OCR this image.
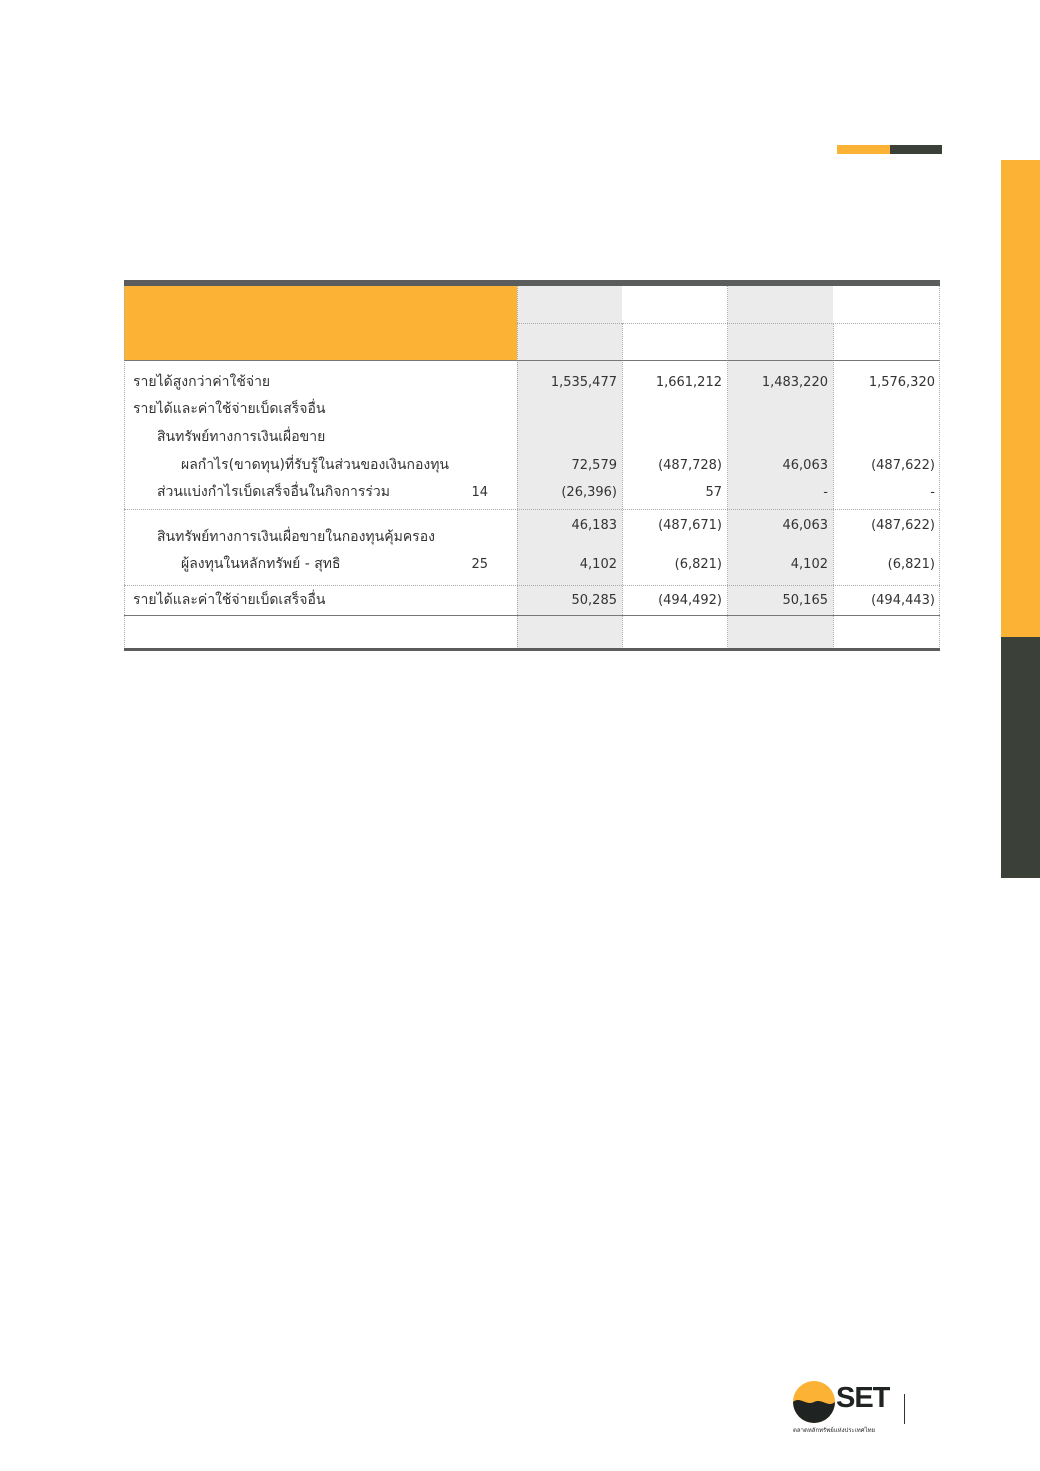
รายได้สูงกว่าค่าใช้จ่าย	1,535,477	1,661,212	1,483,220	1,576,320
รายได้และค่าใช้จ่ายเบ็ดเสร็จอื่น
สินทรัพย์ทางการเงินเผื่อขาย
ผลกำไร(ขาดทุน)ที่รับรู้ในส่วนของเงินกองทุน	72,579	(487,728)	46,063	(487,622)
ส่วนแบ่งกำไรเบ็ดเสร็จอื่นในกิจการร่วม	14	(26,396)	57	-	-
46,183	(487,671)	46,063	(487,622)
สินทรัพย์ทางการเงินเผื่อขายในกองทุนคุ้มครอง
ผู้ลงทุนในหลักทรัพย์ - สุทธิ	25	4,102	(6,821)	4,102	(6,821)
รายได้และค่าใช้จ่ายเบ็ดเสร็จอื่น	50,285	(494,492)	50,165	(494,443)
SET
ตลาดหลักทรัพย์แห่งประเทศไทย
